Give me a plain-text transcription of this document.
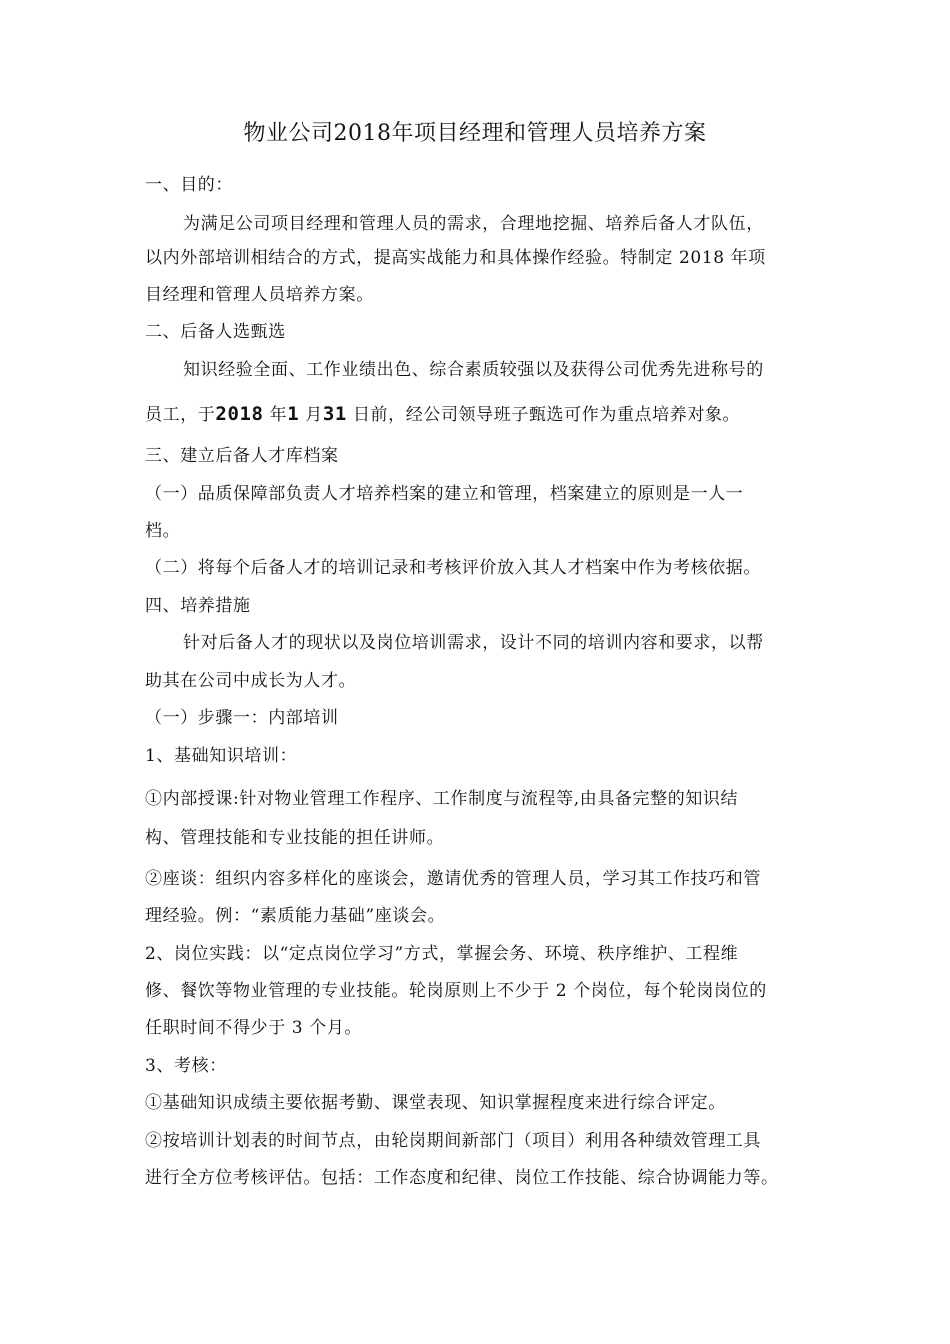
物业公司2018年项目经理和管理人员培养方案
一、目的：
为满足公司项目经理和管理人员的需求，合理地挖掘、培养后备人才队伍，
以内外部培训相结合的方式，提高实战能力和具体操作经验。特制定 2018 年项
目经理和管理人员培养方案。
二、后备人选甄选
知识经验全面、工作业绩出色、综合素质较强以及获得公司优秀先进称号的
员工，于2018 年1 月31 日前，经公司领导班子甄选可作为重点培养对象。
三、建立后备人才库档案
（一）品质保障部负责人才培养档案的建立和管理，档案建立的原则是一人一
档。
（二）将每个后备人才的培训记录和考核评价放入其人才档案中作为考核依据。
四、培养措施
针对后备人才的现状以及岗位培训需求，设计不同的培训内容和要求，以帮
助其在公司中成长为人才。
（一）步骤一：内部培训
1、基础知识培训：
①内部授课:针对物业管理工作程序、工作制度与流程等,由具备完整的知识结
构、管理技能和专业技能的担任讲师。
②座谈：组织内容多样化的座谈会，邀请优秀的管理人员，学习其工作技巧和管
理经验。例：“素质能力基础”座谈会。
2、岗位实践：以“定点岗位学习”方式，掌握会务、环境、秩序维护、工程维
修、餐饮等物业管理的专业技能。轮岗原则上不少于 2 个岗位，每个轮岗岗位的
任职时间不得少于 3 个月。
3、考核：
①基础知识成绩主要依据考勤、课堂表现、知识掌握程度来进行综合评定。
②按培训计划表的时间节点，由轮岗期间新部门（项目）利用各种绩效管理工具
进行全方位考核评估。包括：工作态度和纪律、岗位工作技能、综合协调能力等。
